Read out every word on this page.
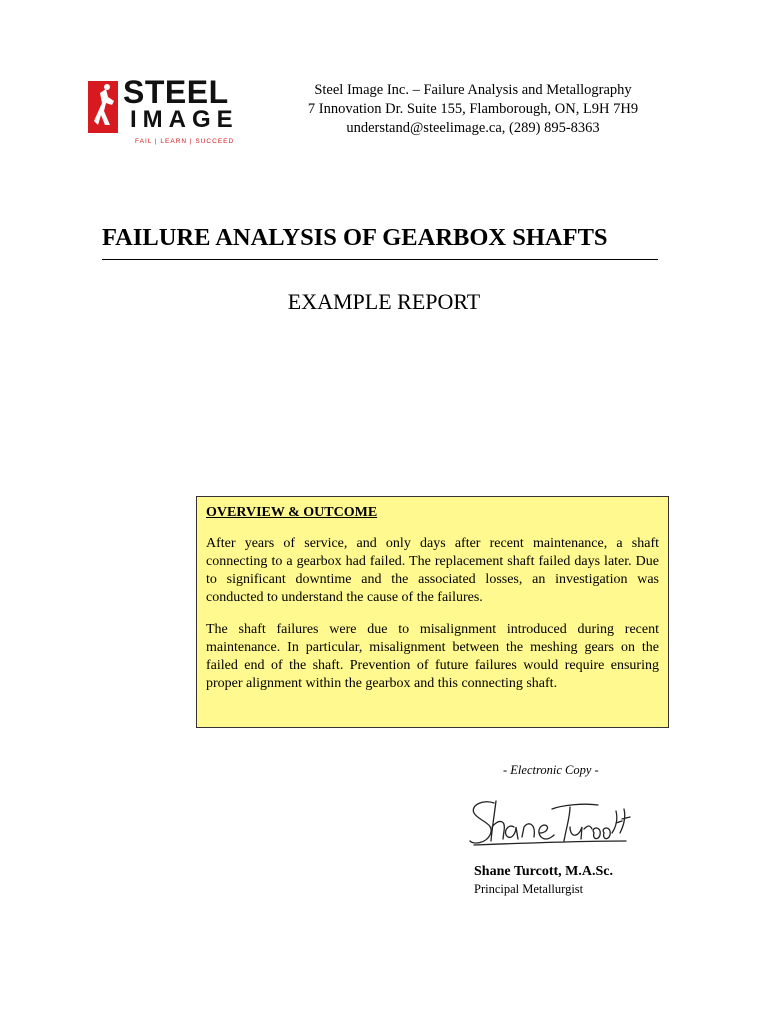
STEEL
IMAGE
FAIL | LEARN | SUCCEED
Steel Image Inc. – Failure Analysis and Metallography
7 Innovation Dr. Suite 155, Flamborough, ON, L9H 7H9
understand@steelimage.ca, (289) 895-8363
FAILURE ANALYSIS OF GEARBOX SHAFTS
EXAMPLE REPORT
OVERVIEW & OUTCOME

After years of service, and only days after recent maintenance, a shaft connecting to a gearbox had failed. The replacement shaft failed days later. Due to significant downtime and the associated losses, an investigation was conducted to understand the cause of the failures.

The shaft failures were due to misalignment introduced during recent maintenance. In particular, misalignment between the meshing gears on the failed end of the shaft. Prevention of future failures would require ensuring proper alignment within the gearbox and this connecting shaft.

- Electronic Copy -
Shane Turcott, M.A.Sc.
Principal Metallurgist
